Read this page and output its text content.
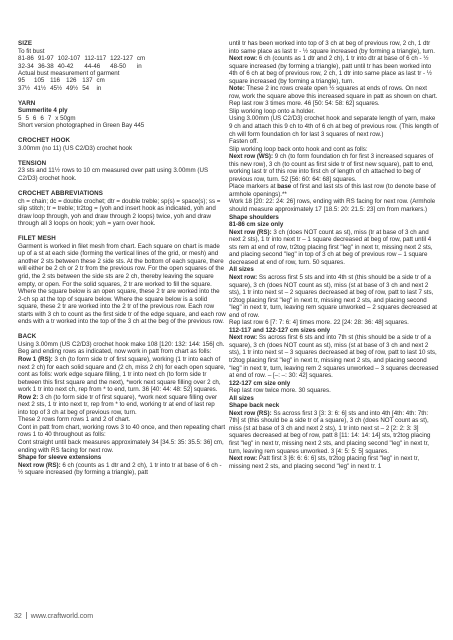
SIZE
To fit bust
81-86	91-97	102-107	112-117	122-127	cm
32-34	36-38	40-42	44-46	48-50	in
Actual bust measurement of garment
95	105	116	126	137	cm
37½	41½	45½	49½	54	in
YARN
Summerlite 4 ply
5	5	6	6	7	x 50gm
Short version photographed in Green Bay 445
CROCHET HOOK
3.00mm (no 11) (US C2/D3) crochet hook
TENSION
23 sts and 11½ rows to 10 cm measured over patt using 3.00mm (US C2/D3) crochet hook.
CROCHET ABBREVIATIONS
ch = chain; dc = double crochet; dtr = double treble; sp(s) = space(s); ss = slip stitch; tr = treble; tr2tog = (yoh and insert hook as indicated, yoh and draw loop through, yoh and draw through 2 loops) twice, yoh and draw through all 3 loops on hook; yoh = yarn over hook.
FILET MESH
Garment is worked in filet mesh from chart. Each square on chart is made up of a st at each side (forming the vertical lines of the grid, or mesh) and another 2 sts between these 2 side sts. At the bottom of each square, there will either be 2 ch or 2 tr from the previous row. For the open squares of the grid, the 2 sts between the side sts are 2 ch, thereby leaving the square empty, or open. For the solid squares, 2 tr are worked to fill the square. Where the square below is an open square, these 2 tr are worked into the 2-ch sp at the top of square below. Where the square below is a solid square, these 2 tr are worked into the 2 tr of the previous row. Each row starts with 3 ch to count as the first side tr of the edge square, and each row ends with a tr worked into the top of the 3 ch at the beg of the previous row.
BACK
Using 3.00mm (US C2/D3) crochet hook make 108 [120: 132: 144: 156] ch.
Beg and ending rows as indicated, now work in patt from chart as folls:
Row 1 (RS): 3 ch (to form side tr of first square), working (1 tr into each of next 2 ch) for each solid square and (2 ch, miss 2 ch) for each open square, cont as folls: work edge square filling, 1 tr into next ch (to form side tr between this first square and the next), *work next square filling over 2 ch, work 1 tr into next ch, rep from * to end, turn. 36 [40: 44: 48: 52] squares.
Row 2: 3 ch (to form side tr of first square), *work next square filling over next 2 sts, 1 tr into next tr, rep from * to end, working tr at end of last rep into top of 3 ch at beg of previous row, turn.
These 2 rows form rows 1 and 2 of chart.
Cont in patt from chart, working rows 3 to 40 once, and then repeating chart rows 1 to 40 throughout as folls:
Cont straight until back measures approximately 34 [34.5: 35: 35.5: 36] cm, ending with RS facing for next row.
Shape for sleeve extensions
Next row (RS): 6 ch (counts as 1 dtr and 2 ch), 1 tr into tr at base of 6 ch - ½ square increased (by forming a triangle), patt
until tr has been worked into top of 3 ch at beg of previous row, 2 ch, 1 dtr into same place as last tr - ½ square increased (by forming a triangle), turn.
Next row: 6 ch (counts as 1 dtr and 2 ch), 1 tr into dtr at base of 6 ch - ½ square increased (by forming a triangle), patt until tr has been worked into 4th of 6 ch at beg of previous row, 2 ch, 1 dtr into same place as last tr - ½ square increased (by forming a triangle), turn.
Note: These 2 inc rows create open ½ squares at ends of rows. On next row, work the square above this increased square in patt as shown on chart.
Rep last row 3 times more. 46 [50: 54: 58: 62] squares.
Slip working loop onto a holder.
Using 3.00mm (US C2/D3) crochet hook and separate length of yarn, make 9 ch and attach this 9 ch to 4th of 6 ch at beg of previous row. (This length of ch will form foundation ch for last 3 squares of next row.)
Fasten off.
Slip working loop back onto hook and cont as folls:
Next row (WS): 9 ch (to form foundation ch for first 3 increased squares of this new row), 3 ch (to count as first side tr of first new square), patt to end, working last tr of this row into first ch of length of ch attached to beg of previous row, turn. 52 [56: 60: 64: 68] squares.
Place markers at base of first and last sts of this last row (to denote base of armhole openings).**
Work 18 [20: 22: 24: 26] rows, ending with RS facing for next row. (Armhole should measure approximately 17 [18.5: 20: 21.5: 23] cm from markers.)
Shape shoulders
81-86 cm size only
Next row (RS): 3 ch (does NOT count as st), miss (tr at base of 3 ch and next 2 sts), 1 tr into next tr – 1 square decreased at beg of row, patt until 4 sts rem at end of row, tr2tog placing first "leg" in next tr, missing next 2 sts, and placing second "leg" in top of 3 ch at beg of previous row – 1 square decreased at end of row, turn. 50 squares.
All sizes
Next row: Ss across first 5 sts and into 4th st (this should be a side tr of a square), 3 ch (does NOT count as st), miss (st at base of 3 ch and next 2 sts), 1 tr into next st – 2 squares decreased at beg of row, patt to last 7 sts, tr2tog placing first "leg" in next tr, missing next 2 sts, and placing second "leg" in next tr, turn, leaving rem square unworked – 2 squares decreased at end of row.
Rep last row 6 [7: 7: 6: 4] times more. 22 [24: 28: 36: 48] squares.
112-117 and 122-127 cm sizes only
Next row: Ss across first 6 sts and into 7th st (this should be a side tr of a square), 3 ch (does NOT count as st), miss (st at base of 3 ch and next 2 sts), 1 tr into next st – 3 squares decreased at beg of row, patt to last 10 sts, tr2tog placing first "leg" in next tr, missing next 2 sts, and placing second "leg" in next tr, turn, leaving rem 2 squares unworked – 3 squares decreased at end of row. – [–: –: 30: 42] squares.
122-127 cm size only
Rep last row twice more. 30 squares.
All sizes
Shape back neck
Next row (RS): Ss across first 3 [3: 3: 6: 6] sts and into 4th [4th: 4th: 7th: 7th] st (this should be a side tr of a square), 3 ch (does NOT count as st), miss (st at base of 3 ch and next 2 sts), 1 tr into next st – 2 [2: 2: 3: 3] squares decreased at beg of row, patt 8 [11: 14: 14: 14] sts, tr2tog placing first "leg" in next tr, missing next 2 sts, and placing second "leg" in next tr, turn, leaving rem squares unworked. 3 [4: 5: 5: 5] squares.
Next row: Patt first 3 [6: 6: 6: 6] sts, tr2tog placing first "leg" in next tr, missing next 2 sts, and placing second "leg" in next tr. 1
32 www.craftworld.com
